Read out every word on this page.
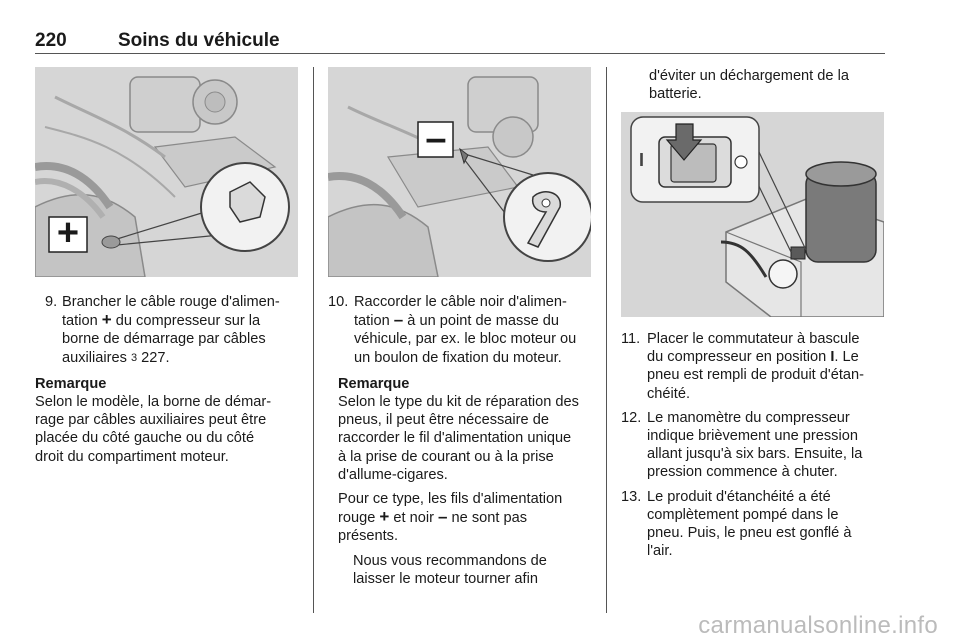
220	Soins du véhicule
+
–	I
9. Brancher le câble rouge d'alimen-
tation + du compresseur sur la
borne de démarrage par câbles
auxiliaires 3 227.
Remarque
Selon le modèle, la borne de démar-
rage par câbles auxiliaires peut être
placée du côté gauche ou du côté
droit du compartiment moteur.
10. Raccorder le câble noir d'alimen-
tation – à un point de masse du
véhicule, par ex. le bloc moteur ou
un boulon de fixation du moteur.
Remarque
Selon le type du kit de réparation des
pneus, il peut être nécessaire de
raccorder le fil d'alimentation unique
à la prise de courant ou à la prise
d'allume-cigares.
Pour ce type, les fils d'alimentation
rouge + et noir – ne sont pas
présents.
Nous vous recommandons de
laisser le moteur tourner afin
d'éviter un déchargement de la
batterie.
11. Placer le commutateur à bascule
du compresseur en position I. Le
pneu est rempli de produit d'étan-
chéité.
12. Le manomètre du compresseur
indique brièvement une pression
allant jusqu'à six bars. Ensuite, la
pression commence à chuter.
13. Le produit d'étanchéité a été
complètement pompé dans le
pneu. Puis, le pneu est gonflé à
l'air.
carmanualsonline.info
